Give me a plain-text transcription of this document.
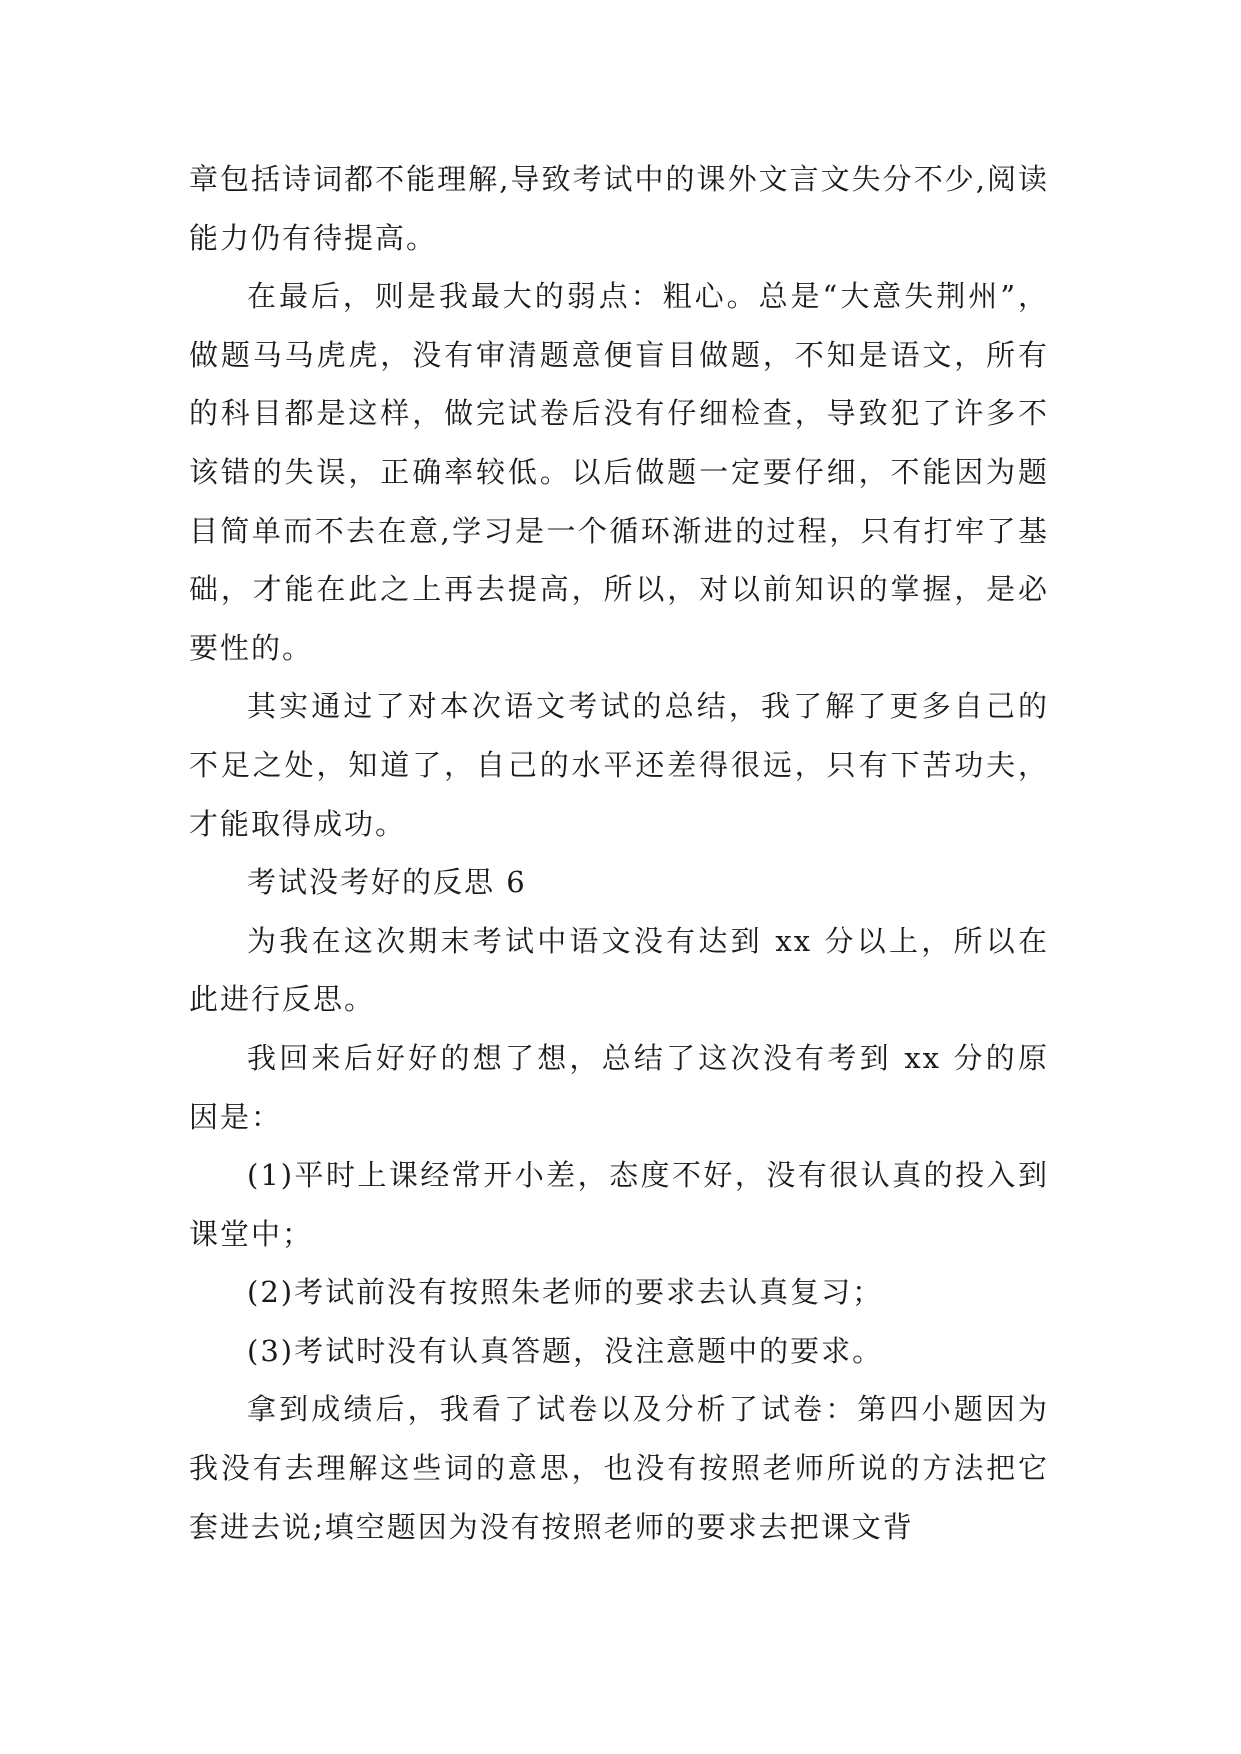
章包括诗词都不能理解,导致考试中的课外文言文失分不少,阅读能力仍有待提高。

在最后，则是我最大的弱点：粗心。总是“大意失荆州”，做题马马虎虎，没有审清题意便盲目做题，不知是语文，所有的科目都是这样，做完试卷后没有仔细检查，导致犯了许多不该错的失误，正确率较低。以后做题一定要仔细，不能因为题目简单而不去在意,学习是一个循环渐进的过程，只有打牢了基础，才能在此之上再去提高，所以，对以前知识的掌握，是必要性的。

其实通过了对本次语文考试的总结，我了解了更多自己的不足之处，知道了，自己的水平还差得很远，只有下苦功夫，才能取得成功。

考试没考好的反思 6

为我在这次期末考试中语文没有达到 xx 分以上，所以在此进行反思。

我回来后好好的想了想，总结了这次没有考到 xx 分的原因是：

(1)平时上课经常开小差，态度不好，没有很认真的投入到课堂中；

(2)考试前没有按照朱老师的要求去认真复习；

(3)考试时没有认真答题，没注意题中的要求。

拿到成绩后，我看了试卷以及分析了试卷：第四小题因为我没有去理解这些词的意思，也没有按照老师所说的方法把它套进去说;填空题因为没有按照老师的要求去把课文背
